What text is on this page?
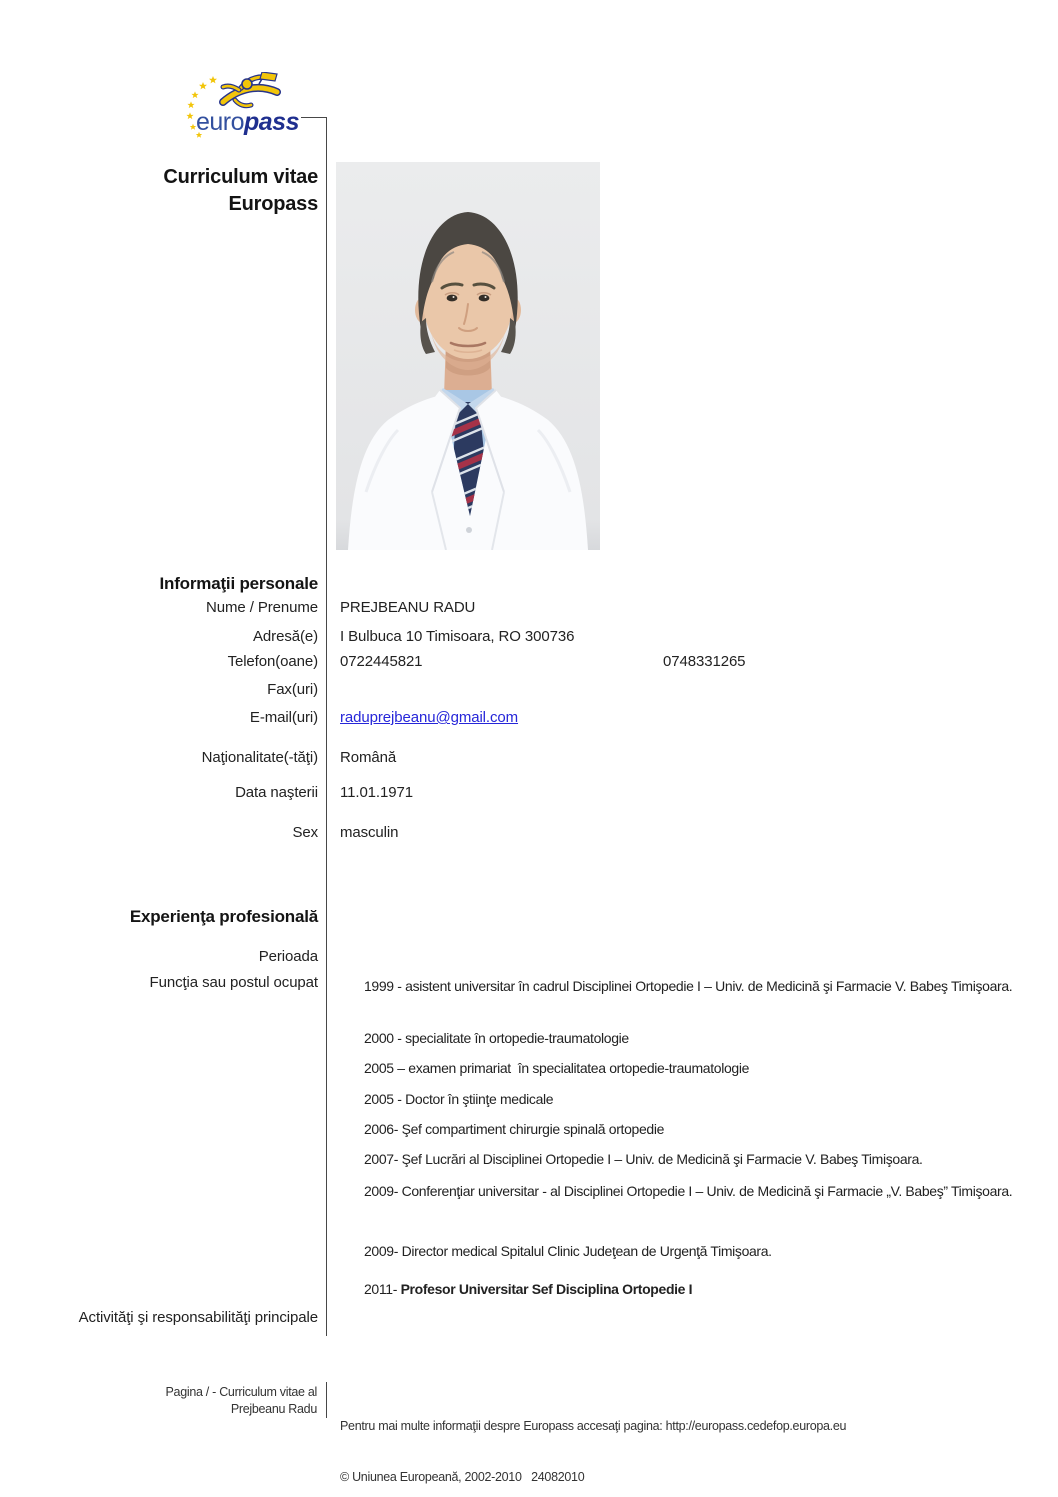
euro pass
Curriculum vitae
Europass
Informaţii personale
Nume / Prenume PREJBEANU RADU
Adresă(e) I Bulbuca 10 Timisoara, RO 300736
Telefon(oane) 0722445821	0748331265
Fax(uri)
E-mail(uri) raduprejbeanu@gmail.com
Naţionalitate(-tăţi) Română
Data naşterii 11.01.1971
Sex masculin
Experienţa profesională
Perioada
Funcţia sau postul ocupat	1999 - asistent universitar în cadrul Disciplinei Ortopedie I – Univ. de Medicină şi Farmacie V. Babeş Timişoara.
2000 - specialitate în ortopedie-traumatologie
2005 – examen primariat  în specialitatea ortopedie-traumatologie
2005 - Doctor în ştiinţe medicale
2006- Şef compartiment chirurgie spinală ortopedie
2007- Şef Lucrări al Disciplinei Ortopedie I – Univ. de Medicină şi Farmacie V. Babeş Timişoara.
2009- Conferenţiar universitar - al Disciplinei Ortopedie I – Univ. de Medicină şi Farmacie „V. Babeş” Timişoara.
2009- Director medical Spitalul Clinic Judeţean de Urgenţă Timişoara.
2011- Profesor Universitar Sef Disciplina Ortopedie I
Activităţi şi responsabilităţi principale
Pagina / - Curriculum vitae al
Prejbeanu Radu

Pentru mai multe informaţii despre Europass accesaţi pagina: http://europass.cedefop.europa.eu

© Uniunea Europeană, 2002-2010   24082010
